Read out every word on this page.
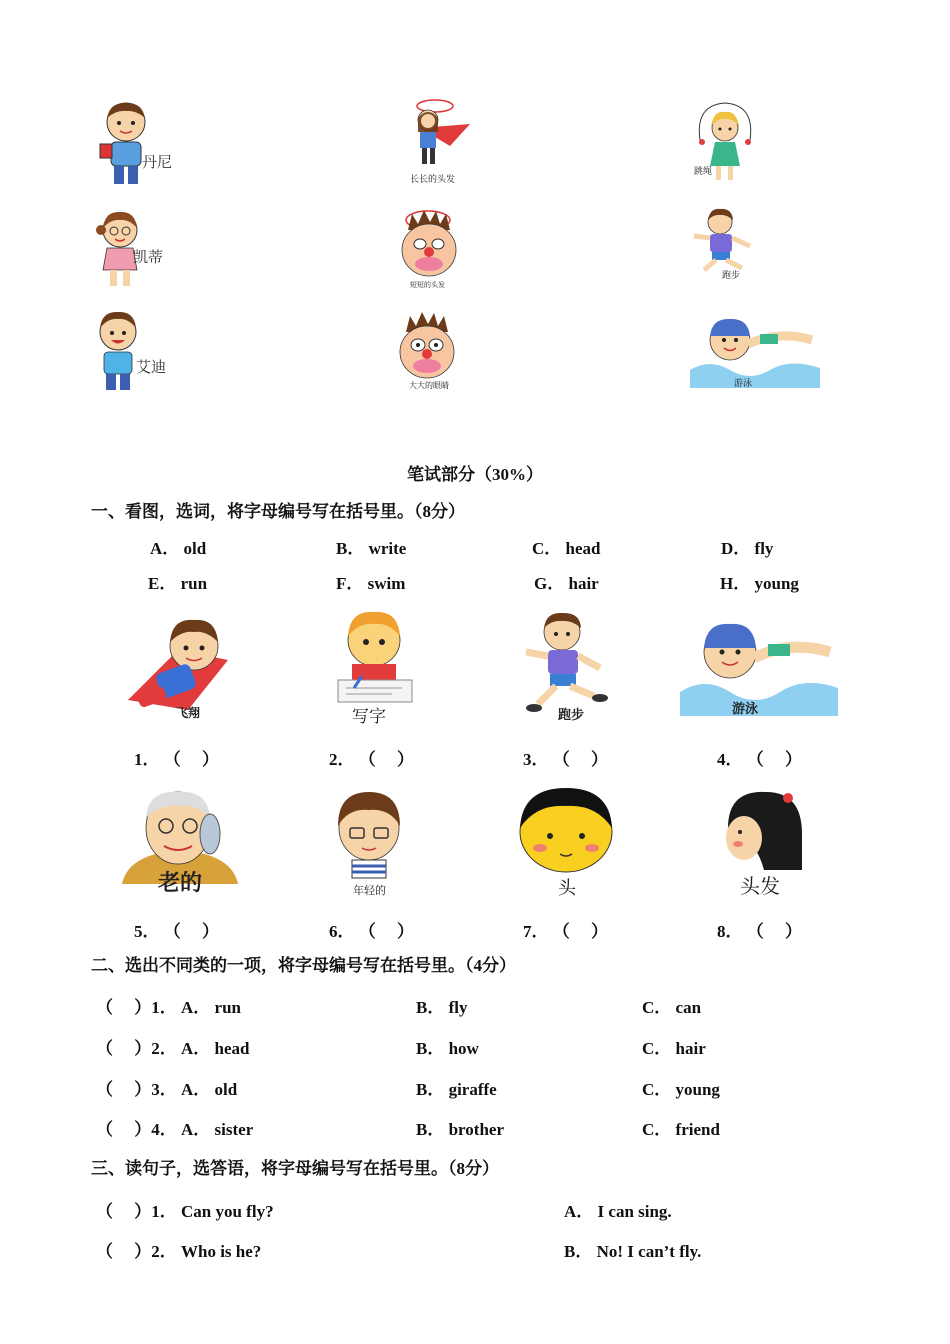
丹尼
长长的头发
跳绳
凯蒂
短短的头发
跑步
艾迪
大大的眼睛	游泳
笔试部分（30%）
一、看图，选词，将字母编号写在括号里。（8分）
A． old	B． write	C． head	D． fly
E． run	F． swim	G． hair	H． young
飞翔	写字	跑步	游泳
1． （　 ）	2． （　 ）	3． （　 ）	4． （　 ）
老的	年轻的	头	头发
5． （　 ）	6． （　 ）	7． （　 ）	8． （　 ）
二、选出不同类的一项，将字母编号写在括号里。（4分）
（　 ）1． A． run	B． fly	C． can
（　 ）2． A． head	B． how	C． hair
（　 ）3． A． old	B． giraffe	C． young
（　 ）4． A． sister	B． brother	C． friend
三、读句子，选答语，将字母编号写在括号里。（8分）
（　 ）1． Can you fly?	A． I can sing.
（　 ）2． Who is he?	B． No! I can’t fly.
